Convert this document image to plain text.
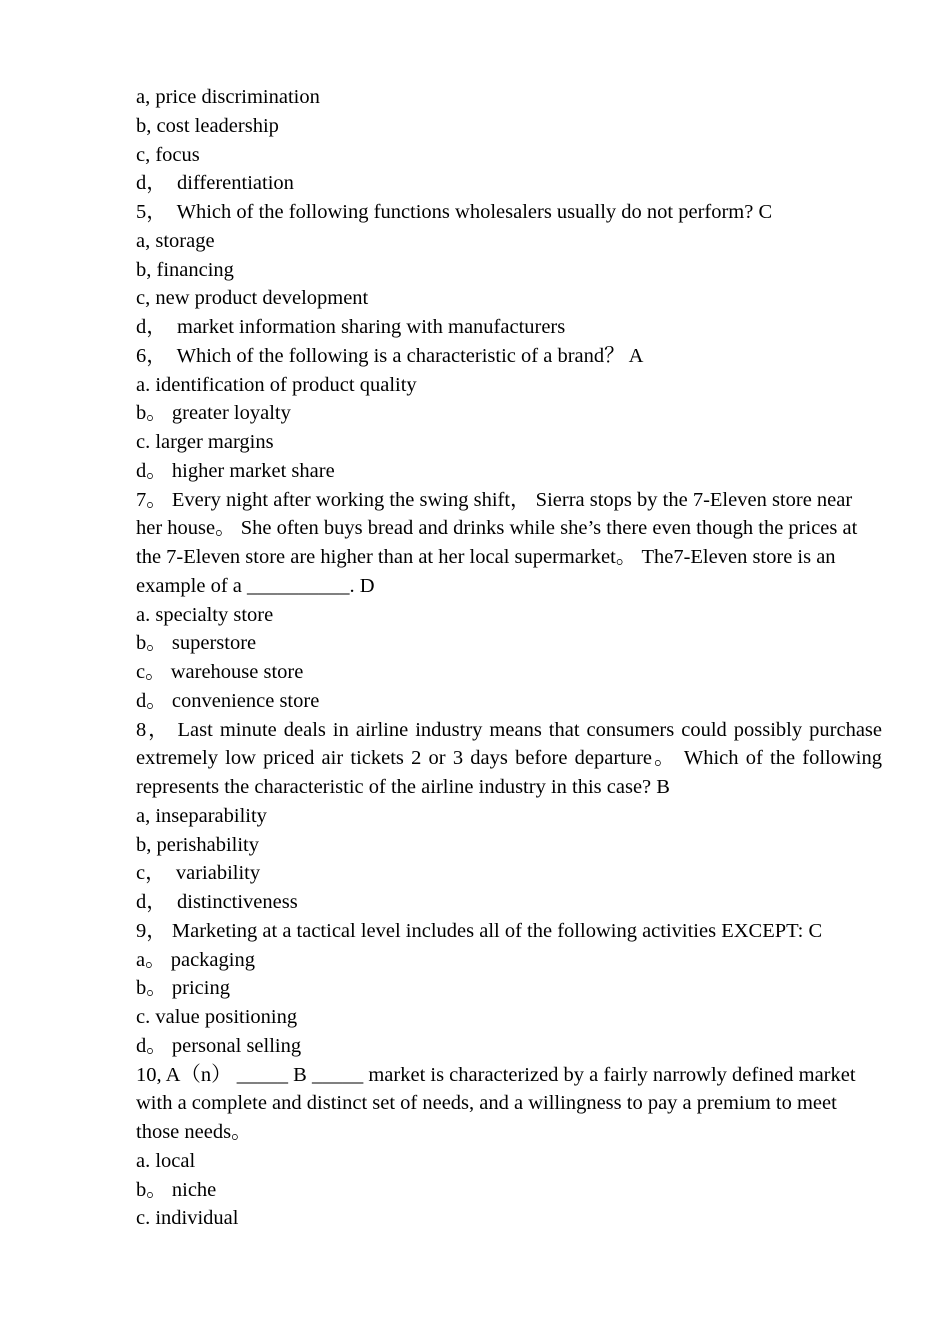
a, price discrimination
b, cost leadership
c, focus
d，  differentiation
5，  Which of the following functions wholesalers usually do not perform? C
a, storage
b, financing
c, new product development
d，  market information sharing with manufacturers
6，  Which of the following is a characteristic of a brand？ A
a. identification of product quality
b。 greater loyalty
c. larger margins
d。 higher market share
7。 Every night after working the swing shift， Sierra stops by the 7-Eleven store near her house。 She often buys bread and drinks while she’s there even though the prices at the 7-Eleven store are higher than at her local supermarket。 The7-Eleven store is an example of a __________. D
a. specialty store
b。 superstore
c。 warehouse store
d。 convenience store
8， Last minute deals in airline industry means that consumers could possibly purchase extremely low priced air tickets 2 or 3 days before departure。 Which of the following represents the characteristic of the airline industry in this case? B
a, inseparability
b, perishability
c，  variability
d，  distinctiveness
9， Marketing at a tactical level includes all of the following activities EXCEPT: C
a。 packaging
b。 pricing
c. value positioning
d。 personal selling
10, A（n） _____ B _____ market is characterized by a fairly narrowly defined market with a complete and distinct set of needs, and a willingness to pay a premium to meet those needs。
a. local
b。 niche
c. individual
